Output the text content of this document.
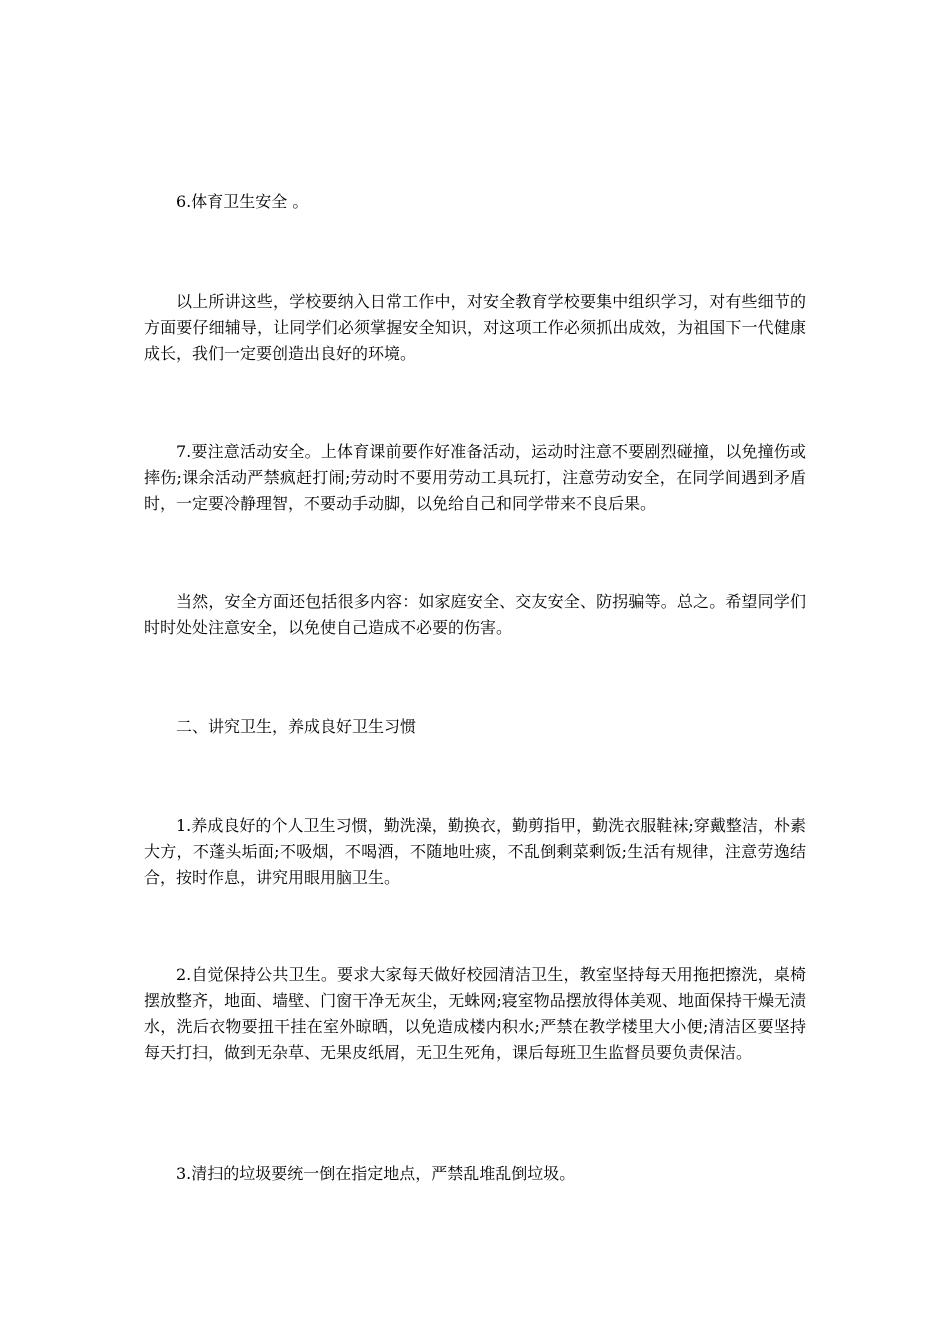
6.体育卫生安全 。

以上所讲这些，学校要纳入日常工作中，对安全教育学校要集中组织学习，对有些细节的方面要仔细辅导，让同学们必须掌握安全知识，对这项工作必须抓出成效，为祖国下一代健康成长，我们一定要创造出良好的环境。

7.要注意活动安全。上体育课前要作好准备活动，运动时注意不要剧烈碰撞，以免撞伤或摔伤;课余活动严禁疯赶打闹;劳动时不要用劳动工具玩打，注意劳动安全，在同学间遇到矛盾时，一定要冷静理智，不要动手动脚，以免给自己和同学带来不良后果。

当然，安全方面还包括很多内容：如家庭安全、交友安全、防拐骗等。总之。希望同学们时时处处注意安全，以免使自己造成不必要的伤害。

二、讲究卫生，养成良好卫生习惯

1.养成良好的个人卫生习惯，勤洗澡，勤换衣，勤剪指甲，勤洗衣服鞋袜;穿戴整洁，朴素大方，不蓬头垢面;不吸烟，不喝酒，不随地吐痰，不乱倒剩菜剩饭;生活有规律，注意劳逸结合，按时作息，讲究用眼用脑卫生。

2.自觉保持公共卫生。要求大家每天做好校园清洁卫生，教室坚持每天用拖把擦洗，桌椅摆放整齐，地面、墙壁、门窗干净无灰尘，无蛛网;寝室物品摆放得体美观、地面保持干燥无渍水，洗后衣物要扭干挂在室外晾晒，以免造成楼内积水;严禁在教学楼里大小便;清洁区要坚持每天打扫，做到无杂草、无果皮纸屑，无卫生死角，课后每班卫生监督员要负责保洁。

3.清扫的垃圾要统一倒在指定地点，严禁乱堆乱倒垃圾。
